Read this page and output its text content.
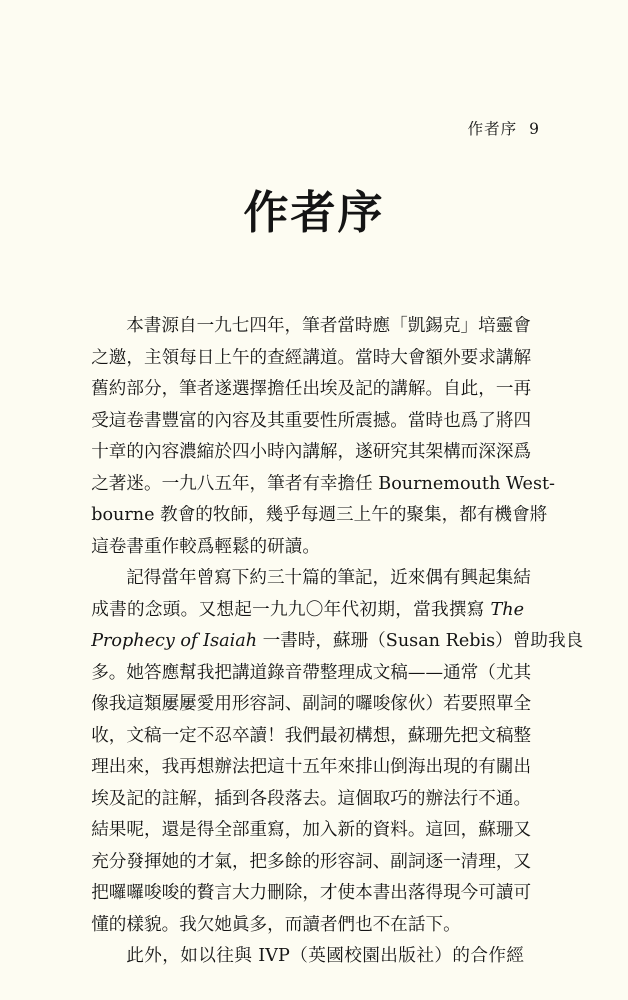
作者序 9
作者序

本書源自一九七四年，筆者當時應「凱錫克」培靈會
之邀，主領每日上午的查經講道。當時大會額外要求講解
舊約部分，筆者遂選擇擔任出埃及記的講解。自此，一再
受這卷書豐富的內容及其重要性所震撼。當時也爲了將四
十章的內容濃縮於四小時內講解，遂研究其架構而深深爲
之著迷。一九八五年，筆者有幸擔任 Bournemouth West-
bourne 教會的牧師，幾乎每週三上午的聚集，都有機會將
這卷書重作較爲輕鬆的研讀。

記得當年曾寫下約三十篇的筆記，近來偶有興起集結
成書的念頭。又想起一九九〇年代初期，當我撰寫 The
Prophecy of Isaiah 一書時，蘇珊（Susan Rebis）曾助我良
多。她答應幫我把講道錄音帶整理成文稿——通常（尤其
像我這類屢屢愛用形容詞、副詞的囉唆傢伙）若要照單全
收，文稿一定不忍卒讀！我們最初構想，蘇珊先把文稿整
理出來，我再想辦法把這十五年來排山倒海出現的有關出
埃及記的註解，插到各段落去。這個取巧的辦法行不通。
結果呢，還是得全部重寫，加入新的資料。這回，蘇珊又
充分發揮她的才氣，把多餘的形容詞、副詞逐一清理，又
把囉囉唆唆的贅言大力刪除，才使本書出落得現今可讀可
懂的樣貌。我欠她眞多，而讀者們也不在話下。

此外，如以往與 IVP（英國校園出版社）的合作經
